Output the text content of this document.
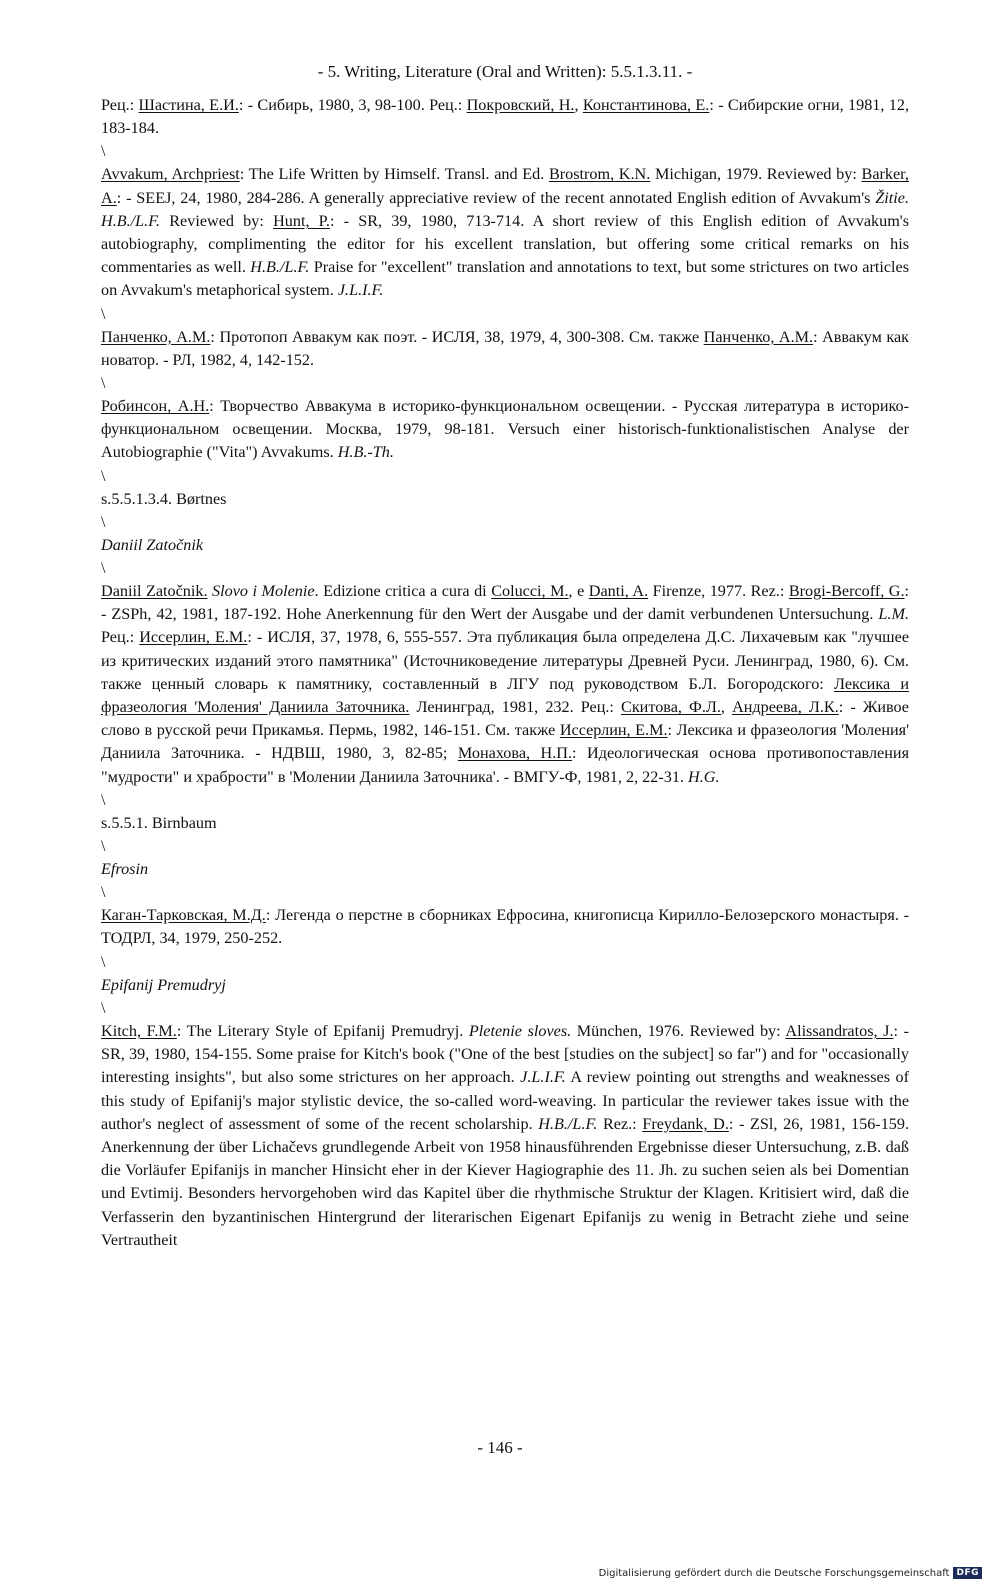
- 5. Writing, Literature (Oral and Written): 5.5.1.3.11. -

Рец.: Шастина, Е.И.: - Сибирь, 1980, 3, 98-100. Рец.: Покровский, Н., Константинова, Е.: - Сибирские огни, 1981, 12, 183-184.

\

Avvakum, Archpriest: The Life Written by Himself. Transl. and Ed. Brostrom, K.N. Michigan, 1979. Reviewed by: Barker, A.: - SEEJ, 24, 1980, 284-286. A generally appreciative review of the recent annotated English edition of Avvakum's Žitie. H.B./L.F. Reviewed by: Hunt, P.: - SR, 39, 1980, 713-714. A short review of this English edition of Avvakum's autobiography, complimenting the editor for his excellent translation, but offering some critical remarks on his commentaries as well. H.B./L.F. Praise for "excellent" translation and annotations to text, but some strictures on two articles on Avvakum's metaphorical system. J.L.I.F.

\

Панченко, А.М.: Протопоп Аввакум как поэт. - ИСЛЯ, 38, 1979, 4, 300-308. См. также Панченко, А.М.: Аввакум как новатор. - РЛ, 1982, 4, 142-152.

\

Робинсон, А.Н.: Творчество Аввакума в историко-функциональном освещении. - Русская литература в историко-функциональном освещении. Москва, 1979, 98-181. Versuch einer historisch-funktionalistischen Analyse der Autobiographie ("Vita") Avvakums. H.B.-Th.

\

s.5.5.1.3.4. Børtnes

\

Daniil Zatočnik

\

Daniil Zatočnik. Slovo i Molenie. Edizione critica a cura di Colucci, M., e Danti, A. Firenze, 1977. Rez.: Brogi-Bercoff, G.: - ZSPh, 42, 1981, 187-192. Hohe Anerkennung für den Wert der Ausgabe und der damit verbundenen Untersuchung. L.M. Рец.: Иссерлин, Е.М.: - ИСЛЯ, 37, 1978, 6, 555-557. Эта публикация была определена Д.С. Лихачевым как "лучшее из критических изданий этого памятника" (Источниковедение литературы Древней Руси. Ленинград, 1980, 6). См. также ценный словарь к памятнику, составленный в ЛГУ под руководством Б.Л. Богородского: Лексика и фразеология 'Моления' Даниила Заточника. Ленинград, 1981, 232. Рец.: Скитова, Ф.Л., Андреева, Л.К.: - Живое слово в русской речи Прикамья. Пермь, 1982, 146-151. См. также Иссерлин, Е.М.: Лексика и фразеология 'Моления' Даниила Заточника. - НДВШ, 1980, 3, 82-85; Монахова, Н.П.: Идеологическая основа противопоставления "мудрости" и храбрости" в 'Молении Даниила Заточника'. - ВМГУ-Ф, 1981, 2, 22-31. H.G.

\

s.5.5.1. Birnbaum

\

Efrosin

\

Каган-Тарковская, М.Д.: Легенда о перстне в сборниках Ефросина, книгописца Кирилло-Белозерского монастыря. - ТОДРЛ, 34, 1979, 250-252.

\

Epifanij Premudryj

\

Kitch, F.M.: The Literary Style of Epifanij Premudryj. Pletenie sloves. München, 1976. Reviewed by: Alissandratos, J.: - SR, 39, 1980, 154-155. Some praise for Kitch's book ("One of the best [studies on the subject] so far") and for "occasionally interesting insights", but also some strictures on her approach. J.L.I.F. A review pointing out strengths and weaknesses of this study of Epifanij's major stylistic device, the so-called word-weaving. In particular the reviewer takes issue with the author's neglect of assessment of some of the recent scholarship. H.B./L.F. Rez.: Freydank, D.: - ZSl, 26, 1981, 156-159. Anerkennung der über Lichačevs grundlegende Arbeit von 1958 hinausführenden Ergebnisse dieser Untersuchung, z.B. daß die Vorläufer Epifanijs in mancher Hinsicht eher in der Kiever Hagiographie des 11. Jh. zu suchen seien als bei Domentian und Evtimij. Besonders hervorgehoben wird das Kapitel über die rhythmische Struktur der Klagen. Kritisiert wird, daß die Verfasserin den byzantinischen Hintergrund der literarischen Eigenart Epifanijs zu wenig in Betracht ziehe und seine Vertrautheit

- 146 -
Digitalisierung gefördert durch die Deutsche Forschungsgemeinschaft DFG
